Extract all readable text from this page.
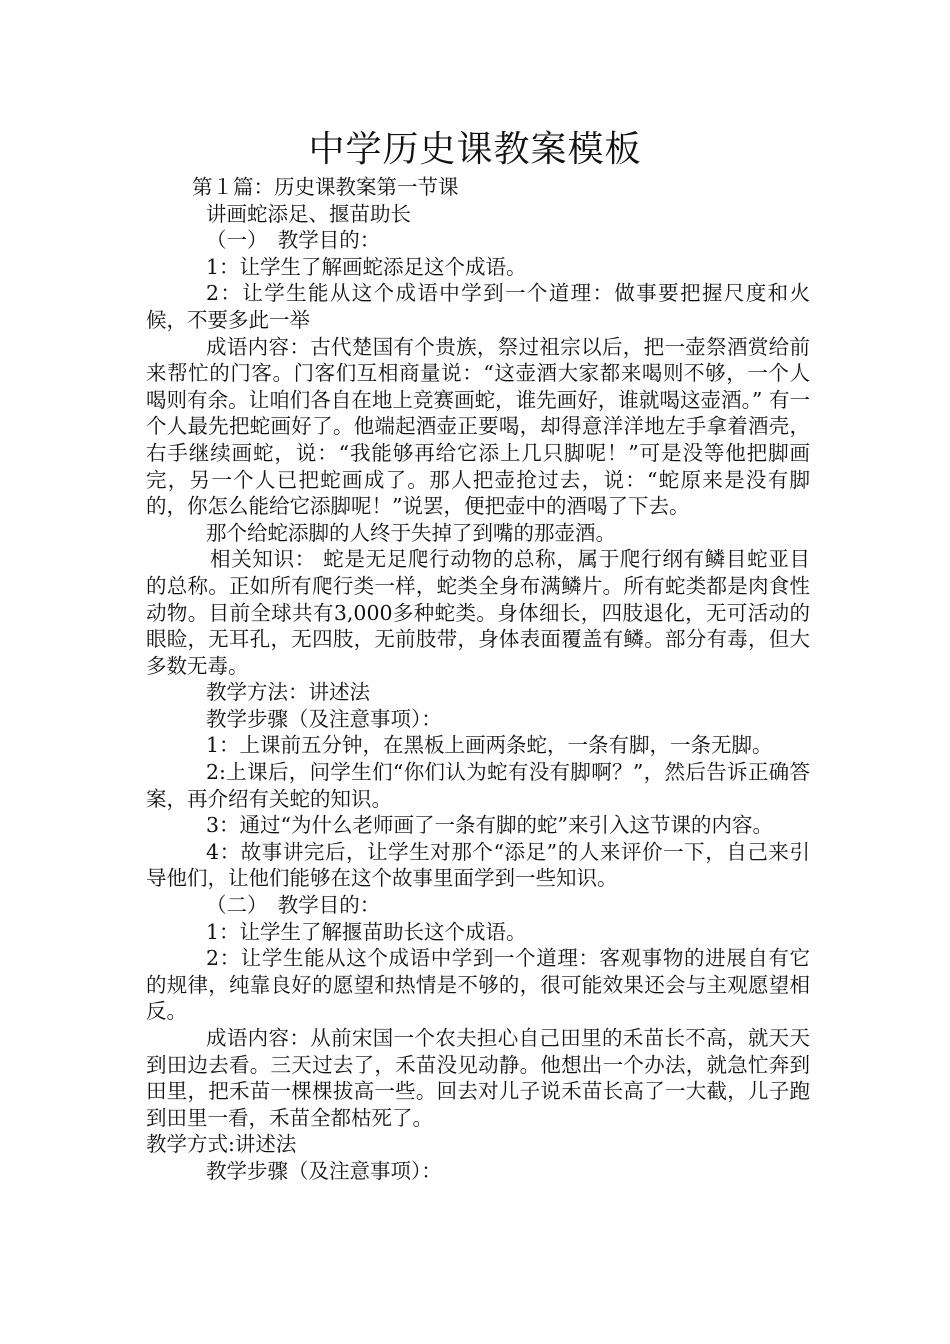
中学历史课教案模板

第１篇：历史课教案第一节课

讲画蛇添足、揠苗助长

（一）　教学目的：

1：让学生了解画蛇添足这个成语。

2：让学生能从这个成语中学到一个道理：做事要把握尺度和火候，不要多此一举

成语内容：古代楚国有个贵族，祭过祖宗以后，把一壶祭酒赏给前来帮忙的门客。门客们互相商量说：“这壶酒大家都来喝则不够，一个人喝则有余。让咱们各自在地上竞赛画蛇，谁先画好，谁就喝这壶酒。” 有一个人最先把蛇画好了。他端起酒壶正要喝，却得意洋洋地左手拿着酒壳，右手继续画蛇，说：“我能够再给它添上几只脚呢！”可是没等他把脚画完，另一个人已把蛇画成了。那人把壶抢过去，说：“蛇原来是没有脚的，你怎么能给它添脚呢！”说罢，便把壶中的酒喝了下去。

那个给蛇添脚的人终于失掉了到嘴的那壶酒。

相关知识： 蛇是无足爬行动物的总称，属于爬行纲有鳞目蛇亚目的总称。正如所有爬行类一样，蛇类全身布满鳞片。所有蛇类都是肉食性动物。目前全球共有3,000多种蛇类。身体细长，四肢退化，无可活动的眼睑，无耳孔，无四肢，无前肢带，身体表面覆盖有鳞。部分有毒，但大多数无毒。

教学方法：讲述法

教学步骤（及注意事项）：

1：上课前五分钟，在黑板上画两条蛇，一条有脚，一条无脚。

2:上课后，问学生们“你们认为蛇有没有脚啊？”，然后告诉正确答案，再介绍有关蛇的知识。

3：通过“为什么老师画了一条有脚的蛇”来引入这节课的内容。

4：故事讲完后，让学生对那个“添足”的人来评价一下，自己来引导他们，让他们能够在这个故事里面学到一些知识。

（二）　教学目的：

1：让学生了解揠苗助长这个成语。

2：让学生能从这个成语中学到一个道理：客观事物的进展自有它的规律，纯靠良好的愿望和热情是不够的，很可能效果还会与主观愿望相反。

成语内容：从前宋国一个农夫担心自己田里的禾苗长不高，就天天到田边去看。三天过去了，禾苗没见动静。他想出一个办法，就急忙奔到田里，把禾苗一棵棵拔高一些。回去对儿子说禾苗长高了一大截，儿子跑到田里一看，禾苗全都枯死了。

教学方式:讲述法

教学步骤（及注意事项）：
